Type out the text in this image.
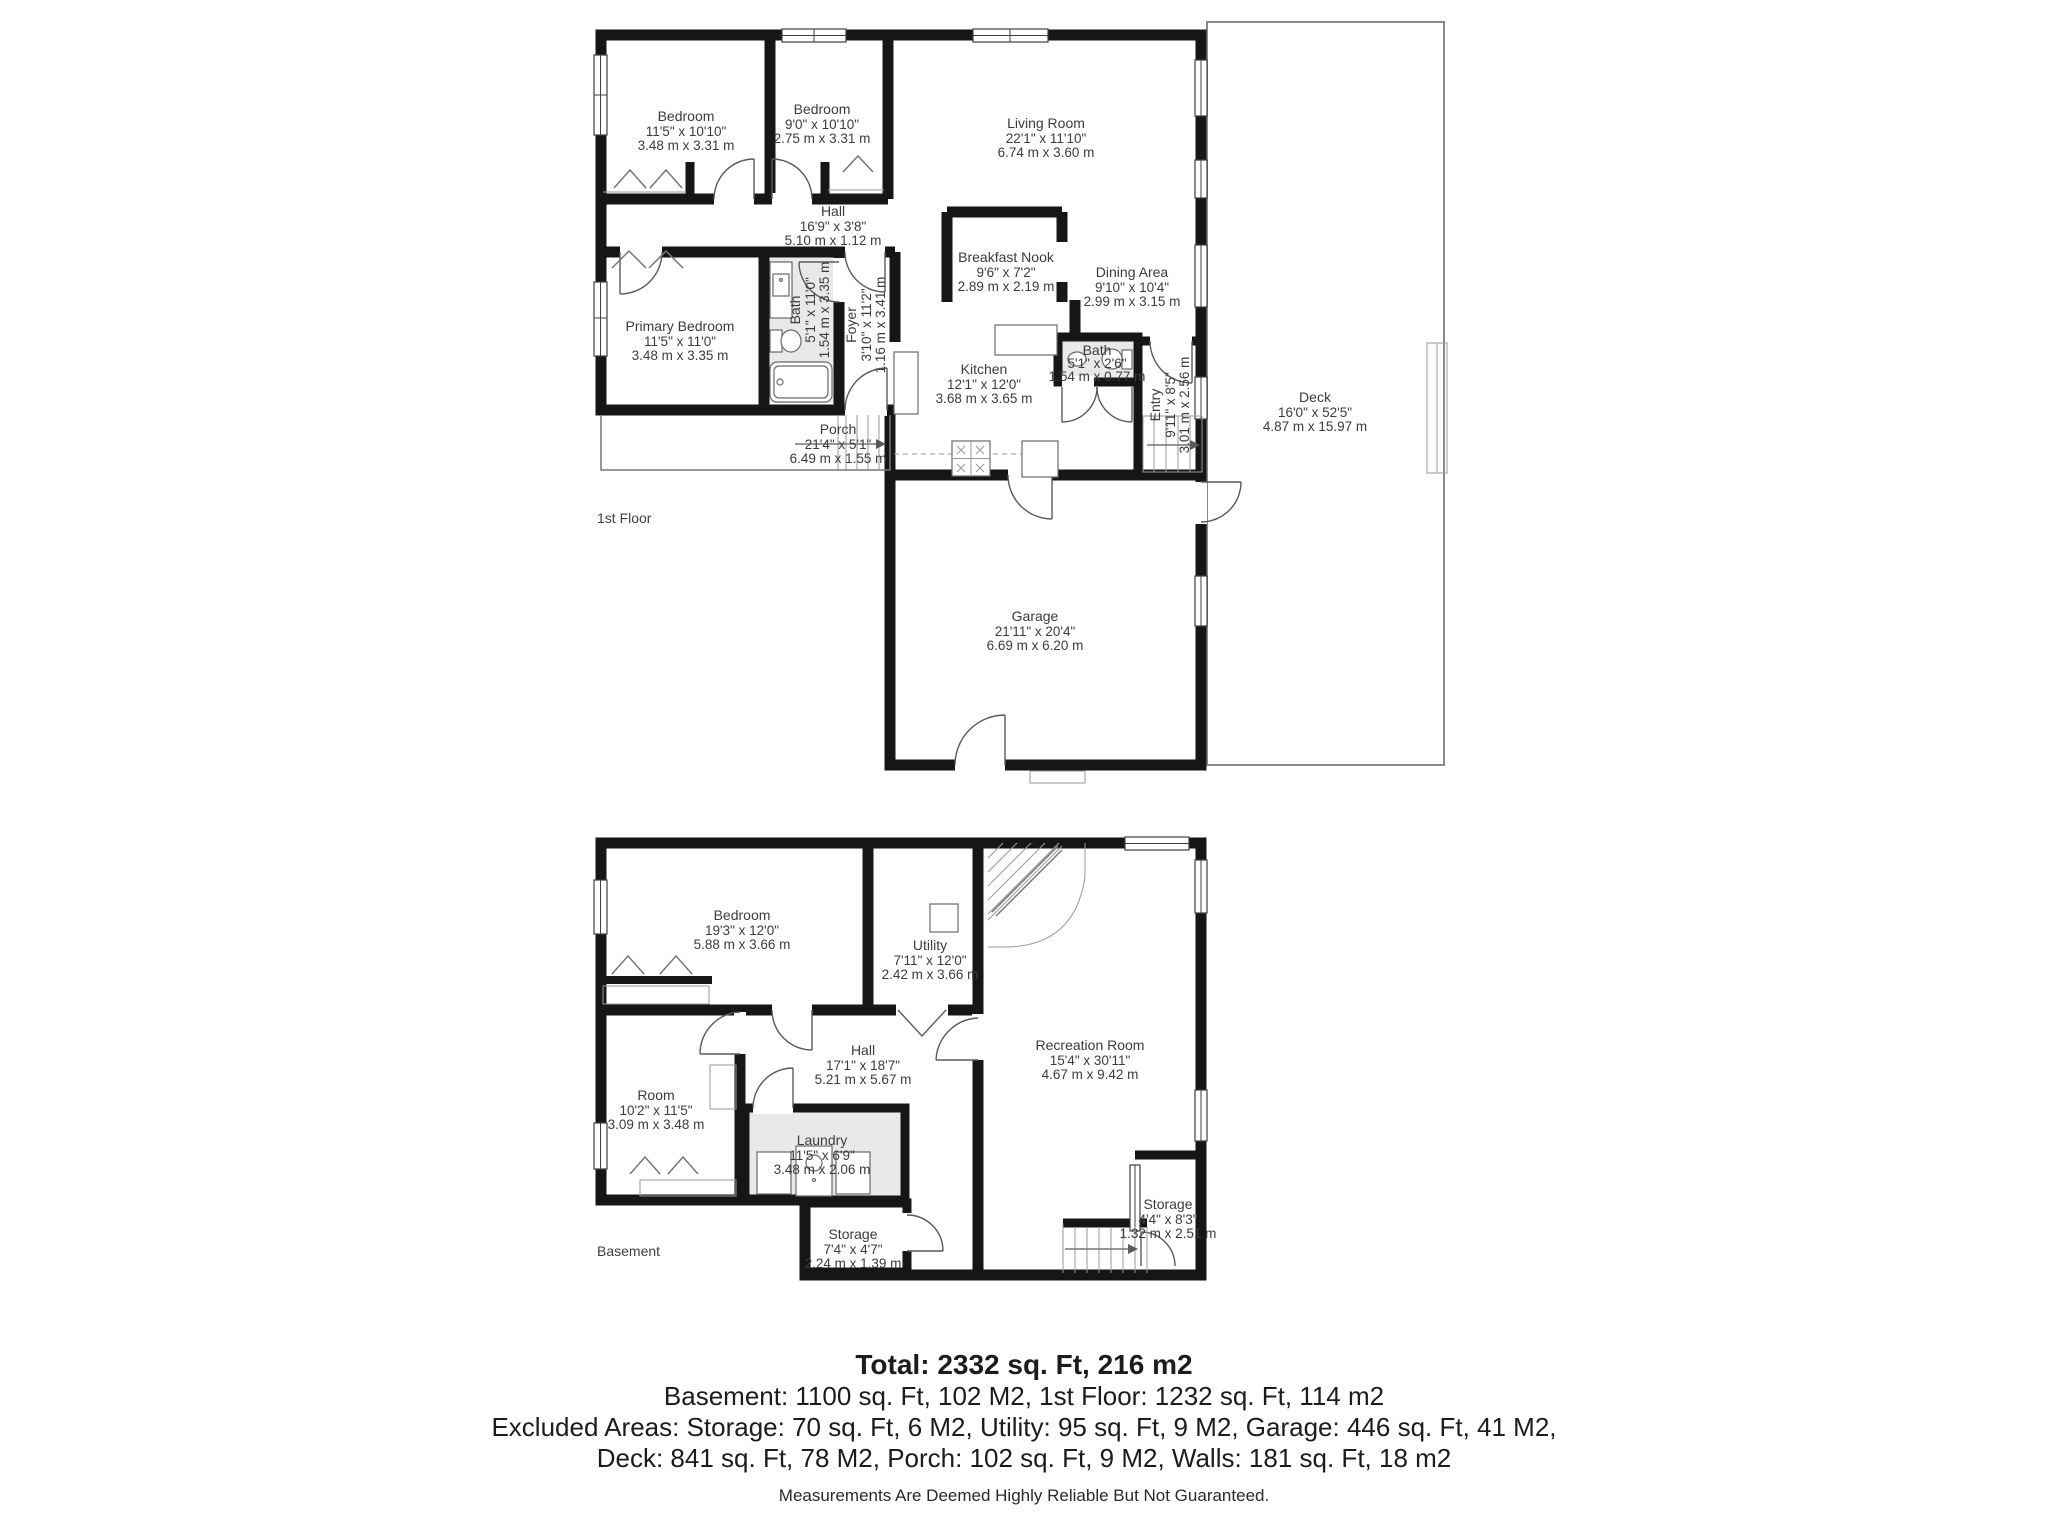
Bedroom
11'5" x 10'10"
3.48 m x 3.31 m
Bedroom
9'0" x 10'10"
2.75 m x 3.31 m
Living Room
22'1" x 11'10"
6.74 m x 3.60 m
Hall
16'9" x 3'8"
5.10 m x 1.12 m
Breakfast Nook
9'6" x 7'2"
2.89 m x 2.19 m
Dining Area
9'10" x 10'4"
2.99 m x 3.15 m
Primary Bedroom
11'5" x 11'0"
3.48 m x 3.35 m
Bath 5'1" x 11'0" 1.54 m x 3.35 m Foyer 3'10" x 11'2" 1.16 m x 3.41 m	Kitchen
12'1" x 12'0"
3.68 m x 3.65 m
Bath
5'1" x 2'6"
1.54 m x 0.77 m
Entry 9'11" x 8'5" 3.01 m x 2.56 m	Deck
16'0" x 52'5"
4.87 m x 15.97 m
Porch
21'4" x 5'1"
6.49 m x 1.55 m
Garage
21'11" x 20'4"
6.69 m x 6.20 m
1st Floor
Bedroom
19'3" x 12'0"
5.88 m x 3.66 m	Utility
7'11" x 12'0"
2.42 m x 3.66 m
Hall
17'1" x 18'7"
5.21 m x 5.67 m
Room
10'2" x 11'5"
3.09 m x 3.48 m
Laundry
11'5" x 6'9"
3.48 m x 2.06 m
Recreation Room
15'4" x 30'11"
4.67 m x 9.42 m
Storage
7'4" x 4'7"
2.24 m x 1.39 m
Storage
4'4" x 8'3"
1.32 m x 2.51 m
Basement
Total: 2332 sq. Ft, 216 m2
Basement: 1100 sq. Ft, 102 M2, 1st Floor: 1232 sq. Ft, 114 m2
Excluded Areas: Storage: 70 sq. Ft, 6 M2, Utility: 95 sq. Ft, 9 M2, Garage: 446 sq. Ft, 41 M2,
Deck: 841 sq. Ft, 78 M2, Porch: 102 sq. Ft, 9 M2, Walls: 181 sq. Ft, 18 m2
Measurements Are Deemed Highly Reliable But Not Guaranteed.
